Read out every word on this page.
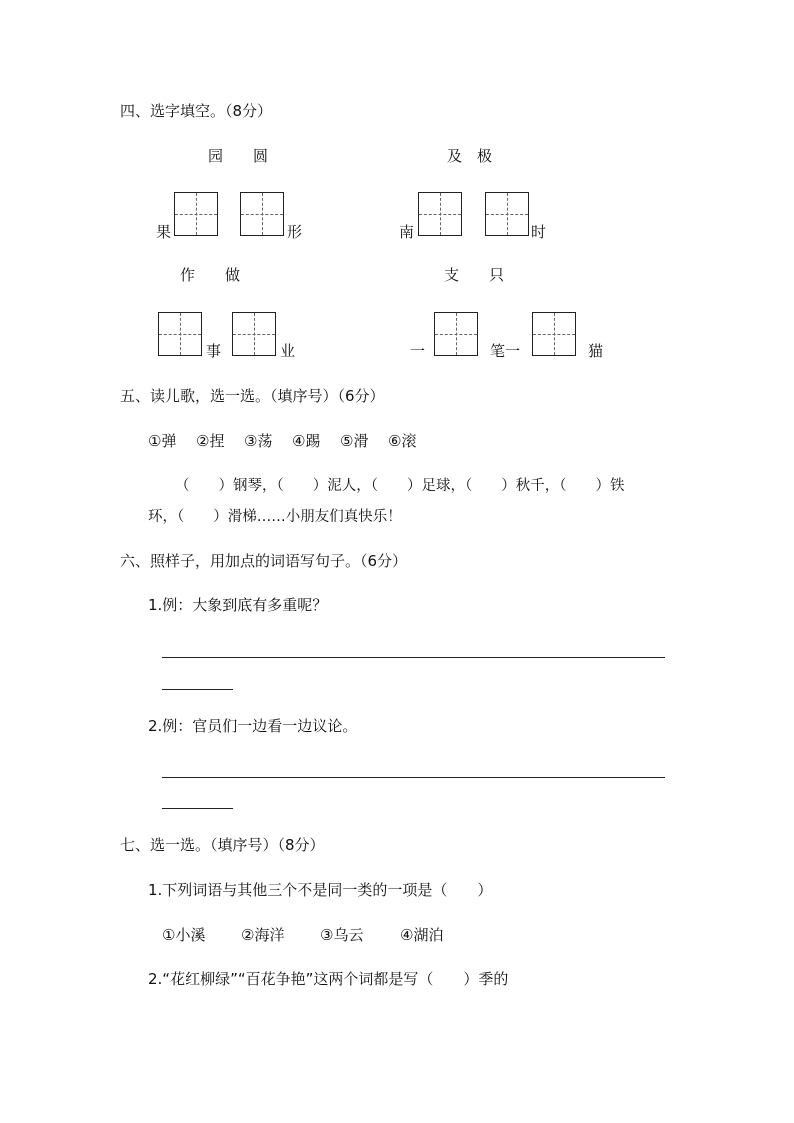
四、选字填空。（8分）
园　　圆	及　极
果	形	南	时
作　　做	支　　只
事	业	一	笔一	猫
五、读儿歌，选一选。（填序号）（6分）
①弹 ②捏 ③荡 ④踢 ⑤滑 ⑥滚
（　　）钢琴，（　　）泥人，（　　）足球，（　　）秋千，（　　）铁
环，（　　）滑梯……小朋友们真快乐！
六、照样子，用加点的词语写句子。（6分）
1.例：大象到底有多重呢？
2.例：官员们一边看一边议论。
七、选一选。（填序号）（8分）
1.下列词语与其他三个不是同一类的一项是（　　）
①小溪 ②海洋 ③乌云 ④湖泊
2.“花红柳绿”“百花争艳”这两个词都是写（　　）季的
